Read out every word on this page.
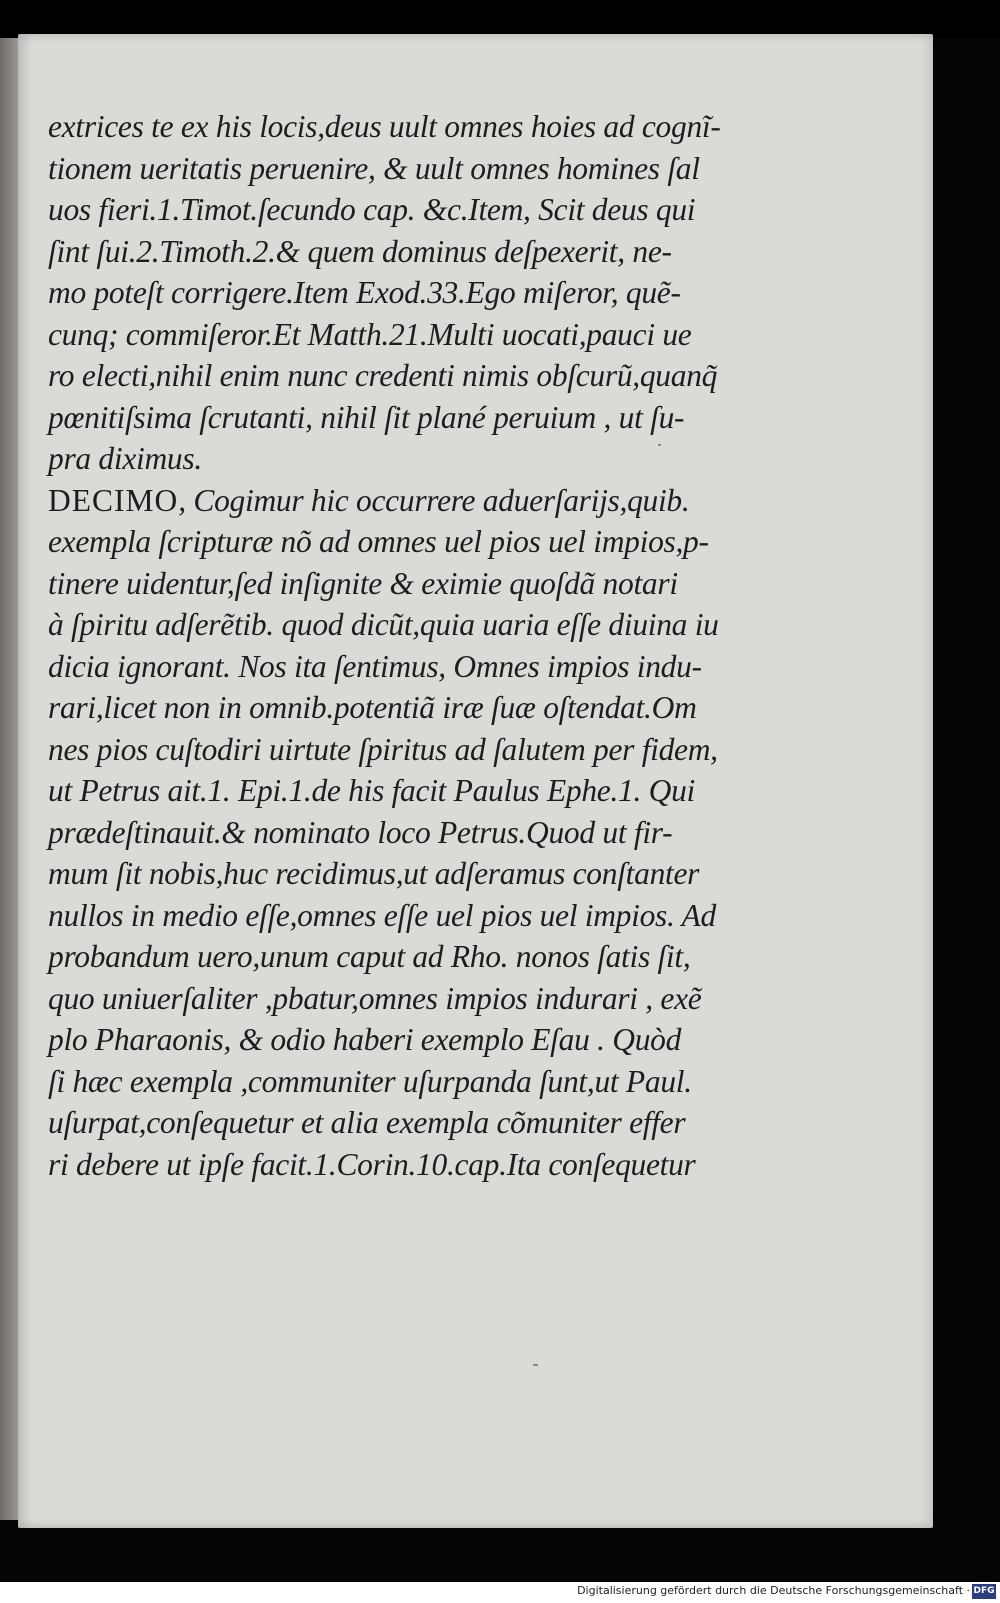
extrices te ex his locis,deus uult omnes hoies ad cognĩ-
tionem ueritatis peruenire, & uult omnes homines ſal
uos fieri.1.Timot.ſecundo cap. &c.Item, Scit deus qui
ſint ſui.2.Timoth.2.& quem dominus deſpexerit, ne-
mo poteſt corrigere.Item Exod.33.Ego miſeror, quẽ-
cunq; commiſeror.Et Matth.21.Multi uocati,pauci ue
ro electi,nihil enim nunc credenti nimis obſcurũ,quanq̃
pœnitiſsima ſcrutanti, nihil ſit plané peruium , ut ſu-
pra diximus.
DECIMO, Cogimur hic occurrere aduerſarijs,quib.
exempla ſcripturæ nõ ad omnes uel pios uel impios,p-
tinere uidentur,ſed inſignite & eximie quoſdã notari
à ſpiritu adſerẽtib. quod dicũt,quia uaria eſſe diuina iu
dicia ignorant. Nos ita ſentimus, Omnes impios indu-
rari,licet non in omnib.potentiã iræ ſuæ oſtendat.Om
nes pios cuſtodiri uirtute ſpiritus ad ſalutem per fidem,
ut Petrus ait.1. Epi.1.de his facit Paulus Ephe.1. Qui
prædeſtinauit.& nominato loco Petrus.Quod ut fir-
mum ſit nobis,huc recidimus,ut adſeramus conſtanter
nullos in medio eſſe,omnes eſſe uel pios uel impios. Ad
probandum uero,unum caput ad Rho. nonos ſatis ſit,
quo uniuerſaliter ,pbatur,omnes impios indurari , exẽ
plo Pharaonis, & odio haberi exemplo Eſau . Quòd
ſi hæc exempla ,communiter uſurpanda ſunt,ut Paul.
uſurpat,conſequetur et alia exempla cõmuniter effer
ri debere ut ipſe facit.1.Corin.10.cap.Ita conſequetur
Digitalisierung gefördert durch die Deutsche Forschungsgemeinschaft · DFG
